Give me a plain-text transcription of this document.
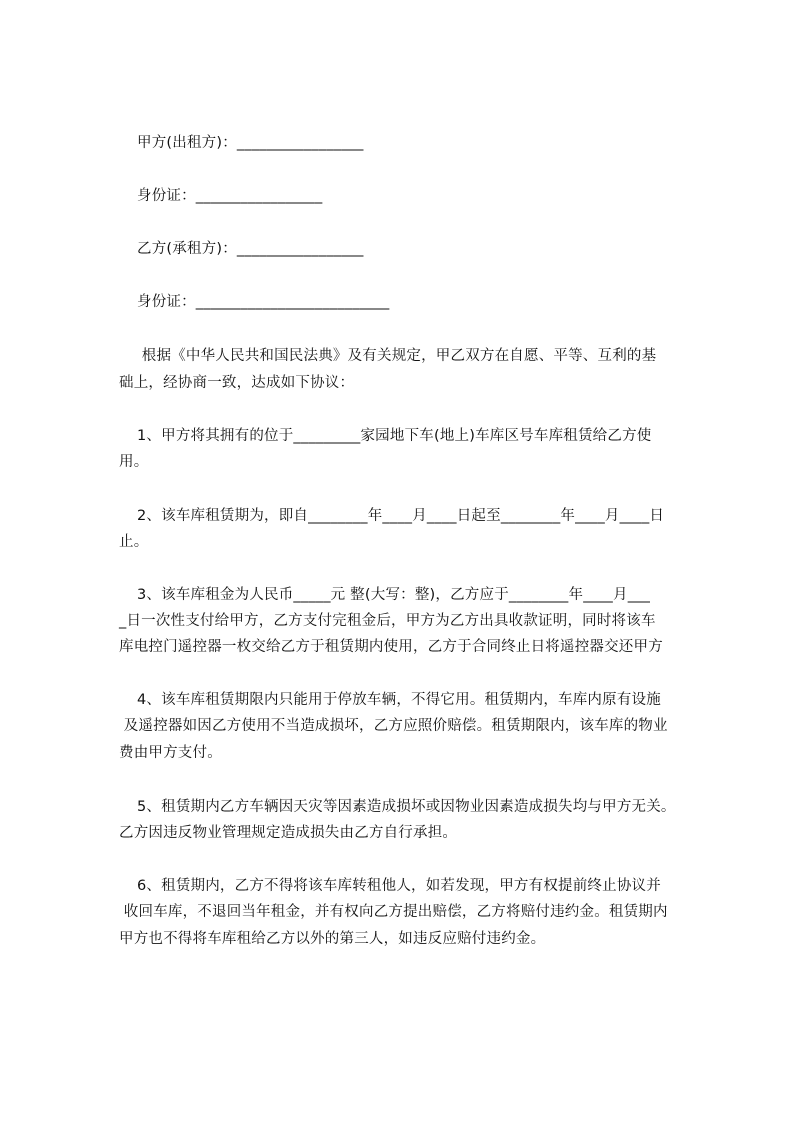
甲方(出租方)：_________________
身份证：_________________
乙方(承租方)：_________________
身份证：__________________________
根据《中华人民共和国民法典》及有关规定，甲乙双方在自愿、平等、互利的基
础上，经协商一致，达成如下协议：
1、甲方将其拥有的位于_________家园地下车(地上)车库区号车库租赁给乙方使
用。
2、该车库租赁期为，即自________年____月____日起至________年____月____日
止。
3、该车库租金为人民币_____元 整(大写：整)，乙方应于________年____月___
_日一次性支付给甲方，乙方支付完租金后，甲方为乙方出具收款证明，同时将该车
库电控门遥控器一枚交给乙方于租赁期内使用，乙方于合同终止日将遥控器交还甲方
4、该车库租赁期限内只能用于停放车辆，不得它用。租赁期内，车库内原有设施
及遥控器如因乙方使用不当造成损坏，乙方应照价赔偿。租赁期限内，该车库的物业
费由甲方支付。
5、租赁期内乙方车辆因天灾等因素造成损坏或因物业因素造成损失均与甲方无关。
乙方因违反物业管理规定造成损失由乙方自行承担。
6、租赁期内，乙方不得将该车库转租他人，如若发现，甲方有权提前终止协议并
收回车库，不退回当年租金，并有权向乙方提出赔偿，乙方将赔付违约金。租赁期内
甲方也不得将车库租给乙方以外的第三人，如违反应赔付违约金。
